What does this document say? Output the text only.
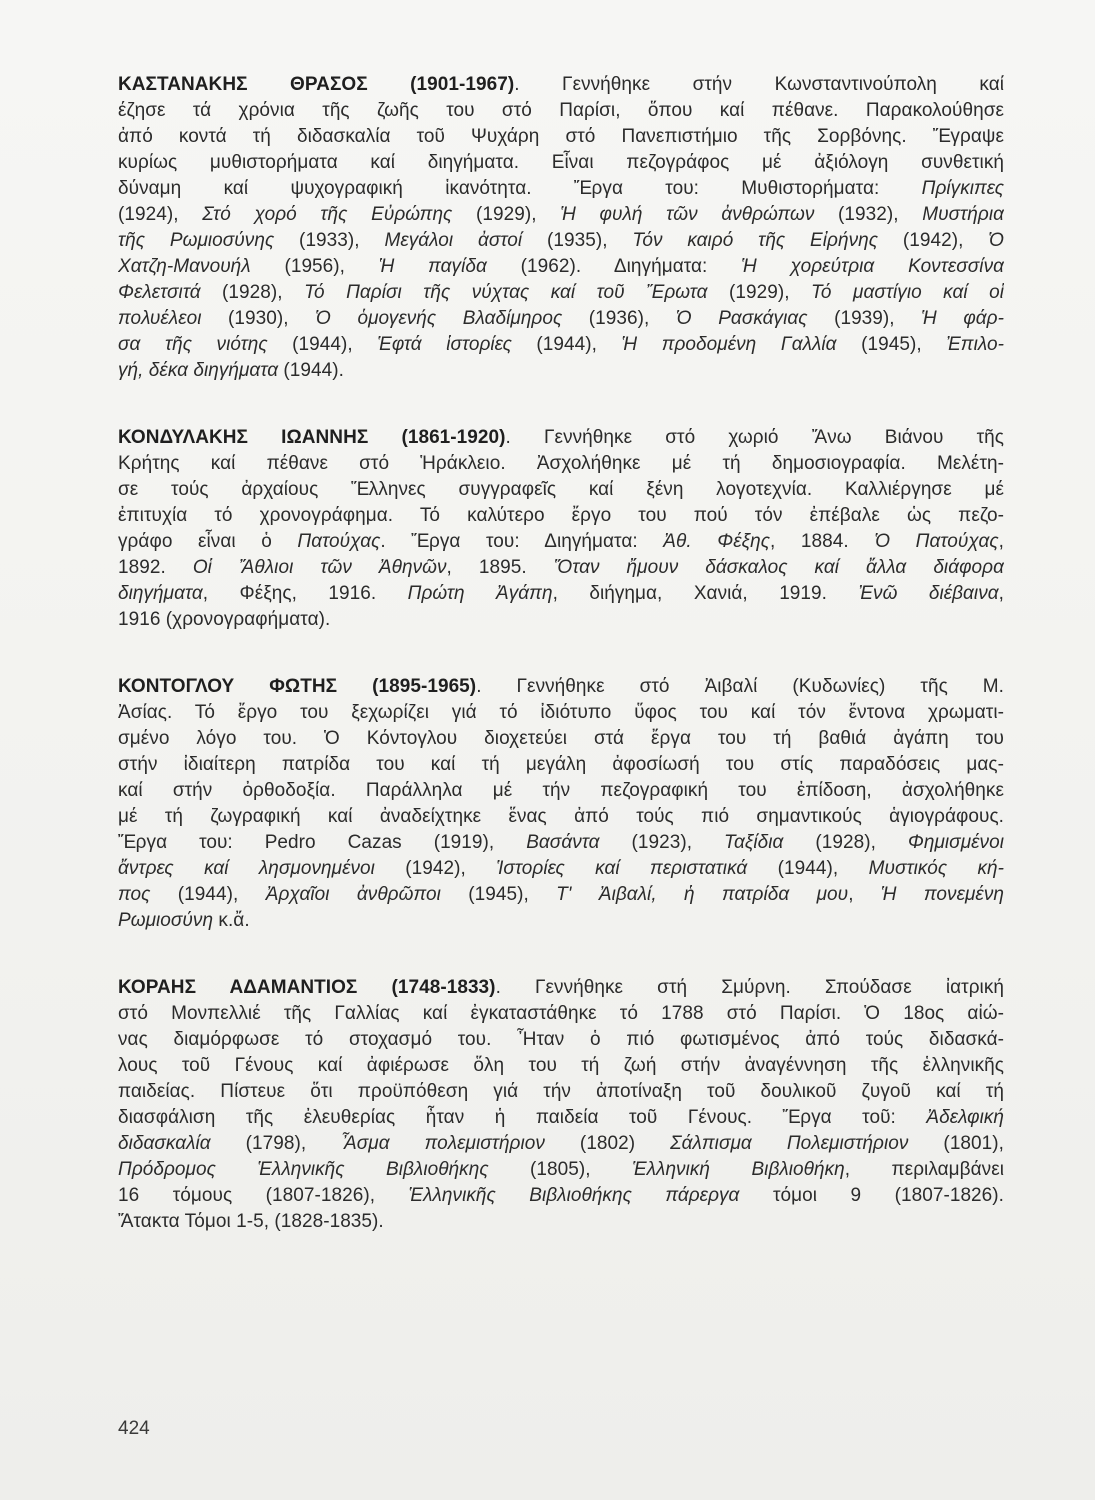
ΚΑΣΤΑΝΑΚΗΣ ΘΡΑΣΟΣ (1901-1967). Γεννήθηκε στήν Κωνσταντινούπολη καί
έζησε τά χρόνια τῆς ζωῆς του στό Παρίσι, ὅπου καί πέθανε. Παρακολούθησε
ἀπό κοντά τή διδασκαλία τοῦ Ψυχάρη στό Πανεπιστήμιο τῆς Σορβόνης. Ἔγραψε
κυρίως μυθιστορήματα καί διηγήματα. Εἶναι πεζογράφος μέ ἀξιόλογη συνθετική
δύναμη καί ψυχογραφική ἱκανότητα. Ἔργα του: Μυθιστορήματα: Πρίγκιπες
(1924), Στό χορό τῆς Εὐρώπης (1929), Ἡ φυλή τῶν ἀνθρώπων (1932), Μυστήρια
τῆς Ρωμιοσύνης (1933), Μεγάλοι ἀστοί (1935), Τόν καιρό τῆς Εἰρήνης (1942), Ὁ
Χατζη-Μανουήλ (1956), Ἡ παγίδα (1962). Διηγήματα: Ἡ χορεύτρια Κοντεσσίνα
Φελετσιτά (1928), Τό Παρίσι τῆς νύχτας καί τοῦ Ἔρωτα (1929), Τό μαστίγιο καί οἱ
πολυέλεοι (1930), Ὁ ὁμογενής Βλαδίμηρος (1936), Ὁ Ρασκάγιας (1939), Ἡ φάρ-
σα τῆς νιότης (1944), Ἑφτά ἱστορίες (1944), Ἡ προδομένη Γαλλία (1945), Ἐπιλο-
γή, δέκα διηγήματα (1944).
ΚΟΝΔΥΛΑΚΗΣ ΙΩΑΝΝΗΣ (1861-1920). Γεννήθηκε στό χωριό Ἄνω Βιάνου τῆς
Κρήτης καί πέθανε στό Ἡράκλειο. Ἀσχολήθηκε μέ τή δημοσιογραφία. Μελέτη-
σε τούς ἀρχαίους Ἕλληνες συγγραφεῖς καί ξένη λογοτεχνία. Καλλιέργησε μέ
ἐπιτυχία τό χρονογράφημα. Τό καλύτερο ἔργο του πού τόν ἐπέβαλε ὡς πεζο-
γράφο εἶναι ὁ Πατούχας. Ἔργα του: Διηγήματα: Ἀθ. Φέξης, 1884. Ὁ Πατούχας,
1892. Οἱ Ἄθλιοι τῶν Ἀθηνῶν, 1895. Ὅταν ἤμουν δάσκαλος καί ἄλλα διάφορα
διηγήματα, Φέξης, 1916. Πρώτη Ἀγάπη, διήγημα, Χανιά, 1919. Ἐνῶ διέβαινα,
1916 (χρονογραφήματα).
ΚΟΝΤΟΓΛΟΥ ΦΩΤΗΣ (1895-1965). Γεννήθηκε στό Ἀιβαλί (Κυδωνίες) τῆς Μ.
Ἀσίας. Τό ἔργο του ξεχωρίζει γιά τό ἰδιότυπο ὕφος του καί τόν ἔντονα χρωματι-
σμένο λόγο του. Ὁ Κόντογλου διοχετεύει στά ἔργα του τή βαθιά ἀγάπη του
στήν ἰδιαίτερη πατρίδα του καί τή μεγάλη ἀφοσίωσή του στίς παραδόσεις μας-
καί στήν ὀρθοδοξία. Παράλληλα μέ τήν πεζογραφική του ἐπίδοση, ἀσχολήθηκε
μέ τή ζωγραφική καί ἀναδείχτηκε ἕνας ἀπό τούς πιό σημαντικούς ἁγιογράφους.
Ἔργα του: Pedro Cazas (1919), Βασάντα (1923), Ταξίδια (1928), Φημισμένοι
ἄντρες καί λησμονημένοι (1942), Ἱστορίες καί περιστατικά (1944), Μυστικός κή-
πος (1944), Ἀρχαῖοι ἀνθρῶποι (1945), Τ' Ἀιβαλί, ἡ πατρίδα μου, Ἡ πονεμένη
Ρωμιοσύνη κ.ἄ.
ΚΟΡΑΗΣ ΑΔΑΜΑΝΤΙΟΣ (1748-1833). Γεννήθηκε στή Σμύρνη. Σπούδασε ἰατρική
στό Μονπελλιέ τῆς Γαλλίας καί ἐγκαταστάθηκε τό 1788 στό Παρίσι. Ὁ 18ος αἰώ-
νας διαμόρφωσε τό στοχασμό του. Ἦταν ὁ πιό φωτισμένος ἀπό τούς διδασκά-
λους τοῦ Γένους καί ἀφιέρωσε ὅλη του τή ζωή στήν ἀναγέννηση τῆς ἑλληνικῆς
παιδείας. Πίστευε ὅτι προϋπόθεση γιά τήν ἀποτίναξη τοῦ δουλικοῦ ζυγοῦ καί τή
διασφάλιση τῆς ἐλευθερίας ἦταν ἡ παιδεία τοῦ Γένους. Ἔργα τοῦ: Ἀδελφική
διδασκαλία (1798), Ἆσμα πολεμιστήριον (1802) Σάλπισμα Πολεμιστήριον (1801),
Πρόδρομος Ἑλληνικῆς Βιβλιοθήκης (1805), Ἑλληνική Βιβλιοθήκη, περιλαμβάνει
16 τόμους (1807-1826), Ἑλληνικῆς Βιβλιοθήκης πάρεργα τόμοι 9 (1807-1826).
Ἄτακτα Τόμοι 1-5, (1828-1835).
424
